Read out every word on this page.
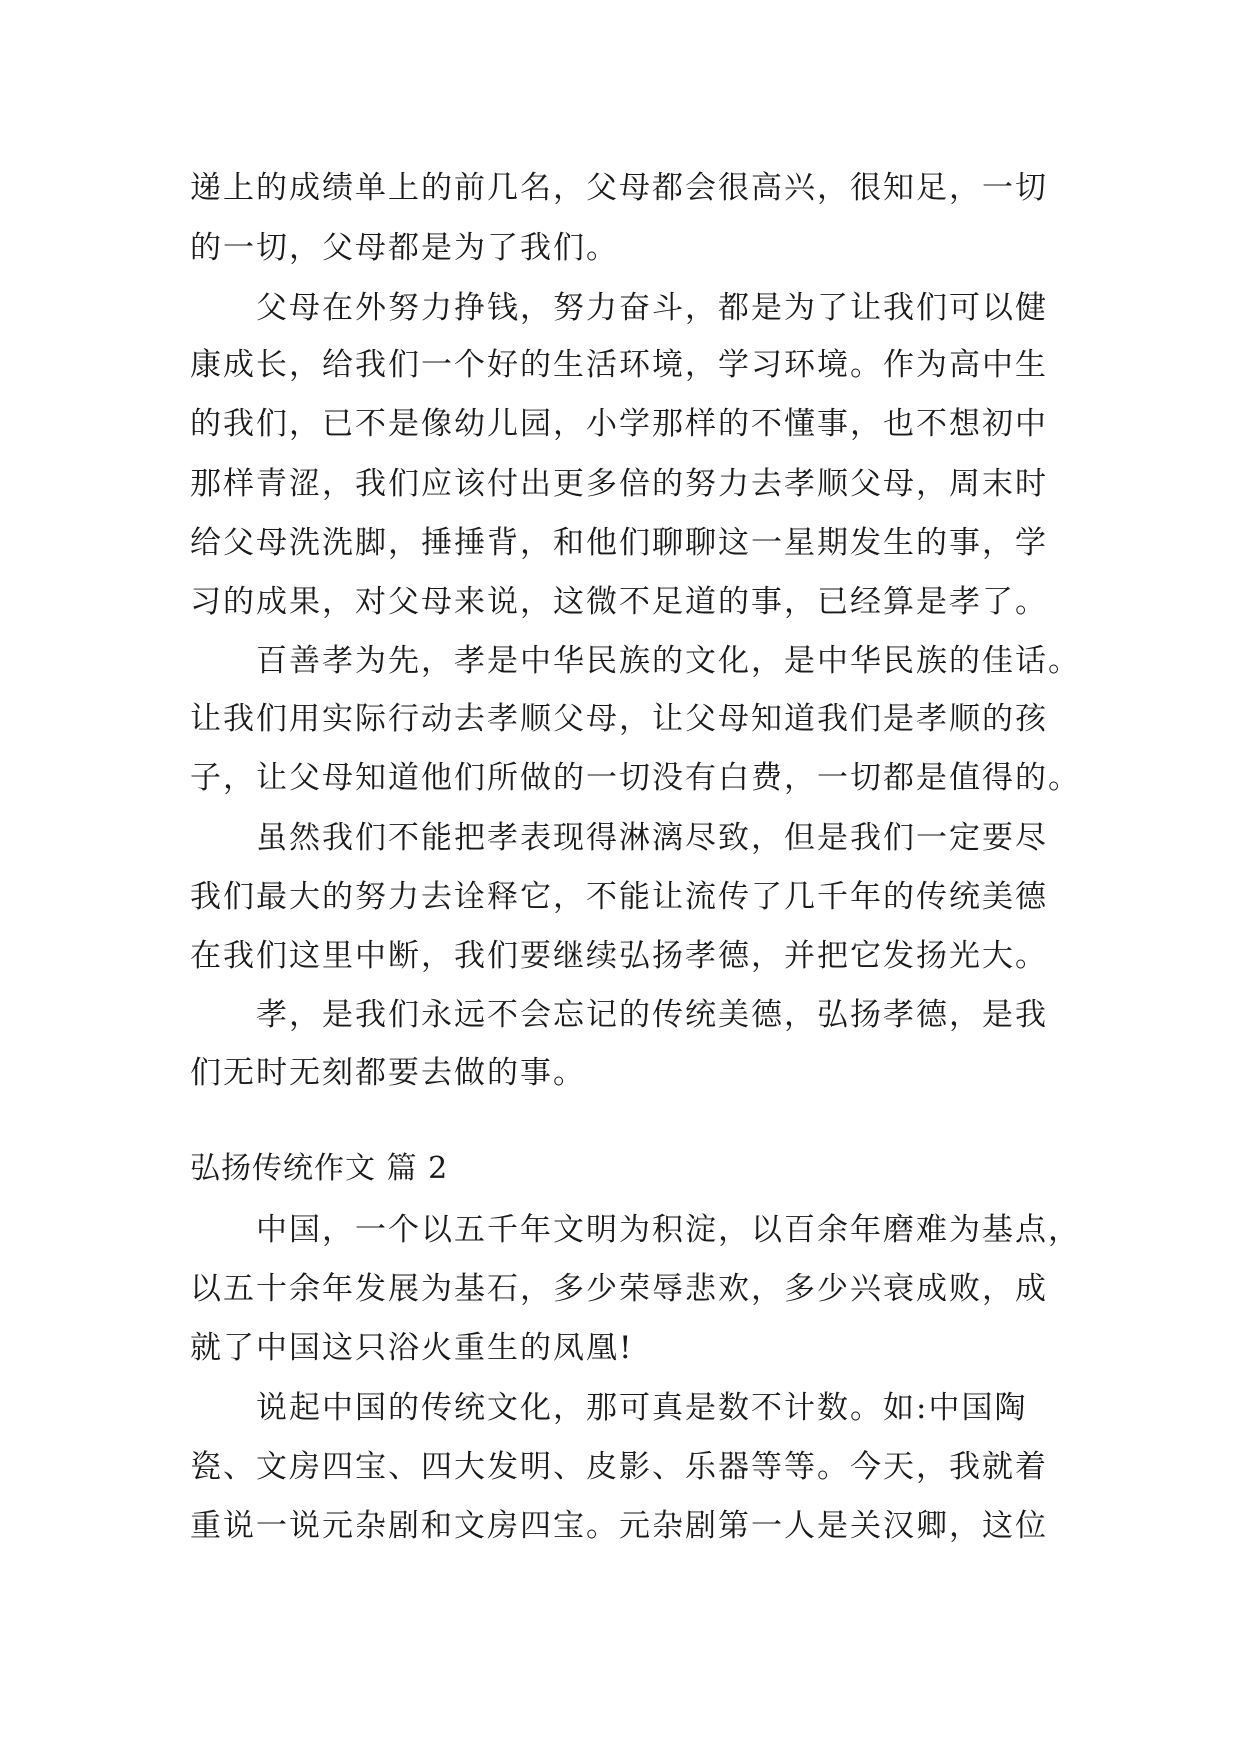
递上的成绩单上的前几名，父母都会很高兴，很知足，一切
的一切，父母都是为了我们。
　　父母在外努力挣钱，努力奋斗，都是为了让我们可以健
康成长，给我们一个好的生活环境，学习环境。作为高中生
的我们，已不是像幼儿园，小学那样的不懂事，也不想初中
那样青涩，我们应该付出更多倍的努力去孝顺父母，周末时
给父母洗洗脚，捶捶背，和他们聊聊这一星期发生的事，学
习的成果，对父母来说，这微不足道的事，已经算是孝了。
　　百善孝为先，孝是中华民族的文化，是中华民族的佳话。
让我们用实际行动去孝顺父母，让父母知道我们是孝顺的孩
子，让父母知道他们所做的一切没有白费，一切都是值得的。
　　虽然我们不能把孝表现得淋漓尽致，但是我们一定要尽
我们最大的努力去诠释它，不能让流传了几千年的传统美德
在我们这里中断，我们要继续弘扬孝德，并把它发扬光大。
　　孝，是我们永远不会忘记的传统美德，弘扬孝德，是我
们无时无刻都要去做的事。
弘扬传统作文 篇 2
　　中国，一个以五千年文明为积淀，以百余年磨难为基点，
以五十余年发展为基石，多少荣辱悲欢，多少兴衰成败，成
就了中国这只浴火重生的凤凰!
　　说起中国的传统文化，那可真是数不计数。如:中国陶
瓷、文房四宝、四大发明、皮影、乐器等等。今天，我就着
重说一说元杂剧和文房四宝。元杂剧第一人是关汉卿，这位
